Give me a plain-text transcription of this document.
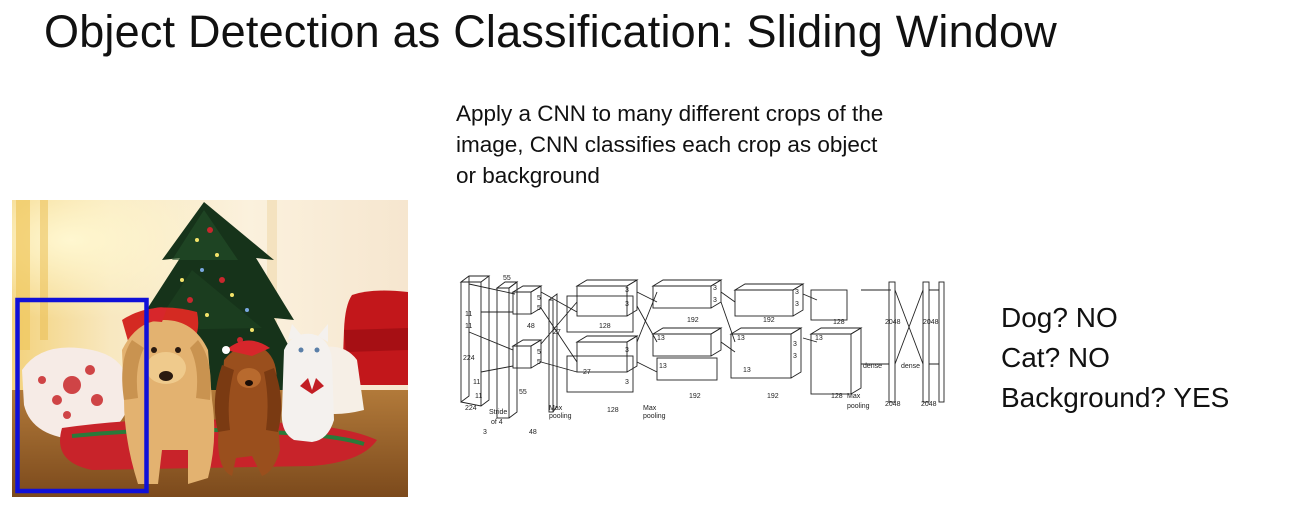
Object Detection as Classification: Sliding Window
Apply a CNN to many different crops of the
image, CNN classifies each crop as object
or background
11
11
224
224
3
11
11
Stride
of 4
55
55
48
48
5
5
5
5
27
27
3
3
3
3
128
128
Max
pooling
13
13
3
3
192
192
Max
pooling
13
13
3
3
3
3
192
192
13
128
128 Max
pooling
dense	dense
2048	2048
2048	2048
Dog? NO
Cat? NO
Background? YES
